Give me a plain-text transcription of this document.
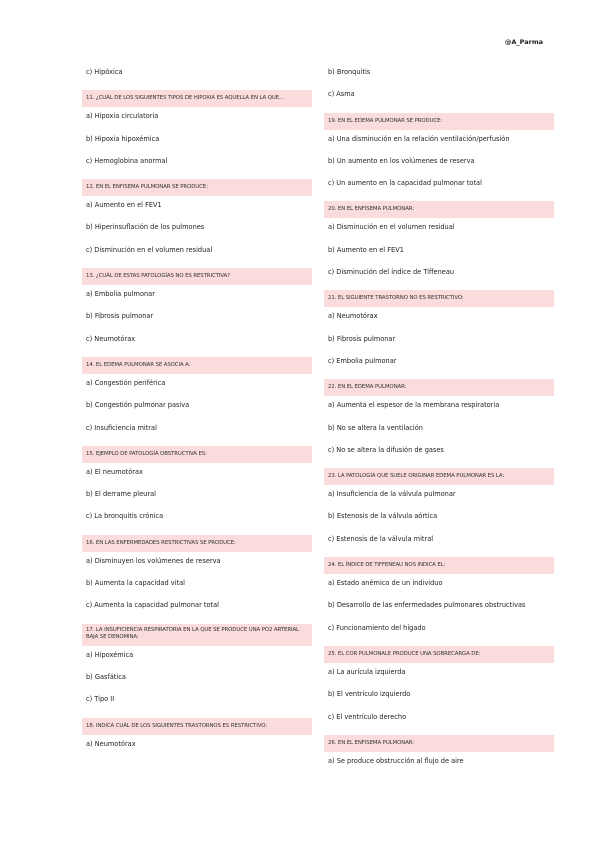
@A_Parma
c) Hipóxica
11. ¿CUÁL DE LOS SIGUIENTES TIPOS DE HIPOXIA ES AQUELLA EN LA QUE...
a) Hipoxia circulatoria
b) Hipoxia hipoxémica
c) Hemoglobina anormal
12. EN EL ENFISEMA PULMONAR SE PRODUCE:
a) Aumento en el FEV1
b) Hiperinsuflación de los pulmones
c) Disminución en el volumen residual
13. ¿CUÁL DE ESTAS PATOLOGÍAS NO ES RESTRICTIVA?
a) Embolia pulmonar
b) Fibrosis pulmonar
c) Neumotórax
14. EL EDEMA PULMONAR SE ASOCIA A:
a) Congestión periférica
b) Congestión pulmonar pasiva
c) Insuficiencia mitral
15. EJEMPLO DE PATOLOGÍA OBSTRUCTIVA ES:
a) El neumotórax
b) El derrame pleural
c) La bronquitis crónica
16. EN LAS ENFERMEDADES RESTRICTIVAS SE PRODUCE:
a) Disminuyen los volúmenes de reserva
b) Aumenta la capacidad vital
c) Aumenta la capacidad pulmonar total
17. LA INSUFICIENCIA RESPIRATORIA EN LA QUE SE PRODUCE UNA PO2 ARTERIAL BAJA SE DENOMINA:
a) Hipoxémica
b) Gasfática
c) Tipo II
18. INDICA CUÁL DE LOS SIGUIENTES TRASTORNOS ES RESTRICTIVO:
a) Neumotórax
b) Bronquitis
c) Asma
19. EN EL EDEMA PULMONAR SE PRODUCE:
a) Una disminución en la relación ventilación/perfusión
b) Un aumento en los volúmenes de reserva
c) Un aumento en la capacidad pulmonar total
20. EN EL ENFISEMA PULMONAR:
a) Disminución en el volumen residual
b) Aumento en el FEV1
c) Disminución del índice de Tiffeneau
21. EL SIGUIENTE TRASTORNO NO ES RESTRICTIVO:
a) Neumotórax
b) Fibrosis pulmonar
c) Embolia pulmonar
22. EN EL EDEMA PULMONAR:
a) Aumenta el espesor de la membrana respiratoria
b) No se altera la ventilación
c) No se altera la difusión de gases
23. LA PATOLOGÍA QUE SUELE ORIGINAR EDEMA PULMONAR ES LA:
a) Insuficiencia de la válvula pulmonar
b) Estenosis de la válvula aórtica
c) Estenosis de la válvula mitral
24. EL ÍNDICE DE TIFFENEAU NOS INDICA EL:
a) Estado anémico de un individuo
b) Desarrollo de las enfermedades pulmonares obstructivas
c) Funcionamiento del hígado
25. EL COR PULMONALE PRODUCE UNA SOBRECARGA DE:
a) La aurícula izquierda
b) El ventrículo izquierdo
c) El ventrículo derecho
26. EN EL ENFISEMA PULMONAR:
a) Se produce obstrucción al flujo de aire
